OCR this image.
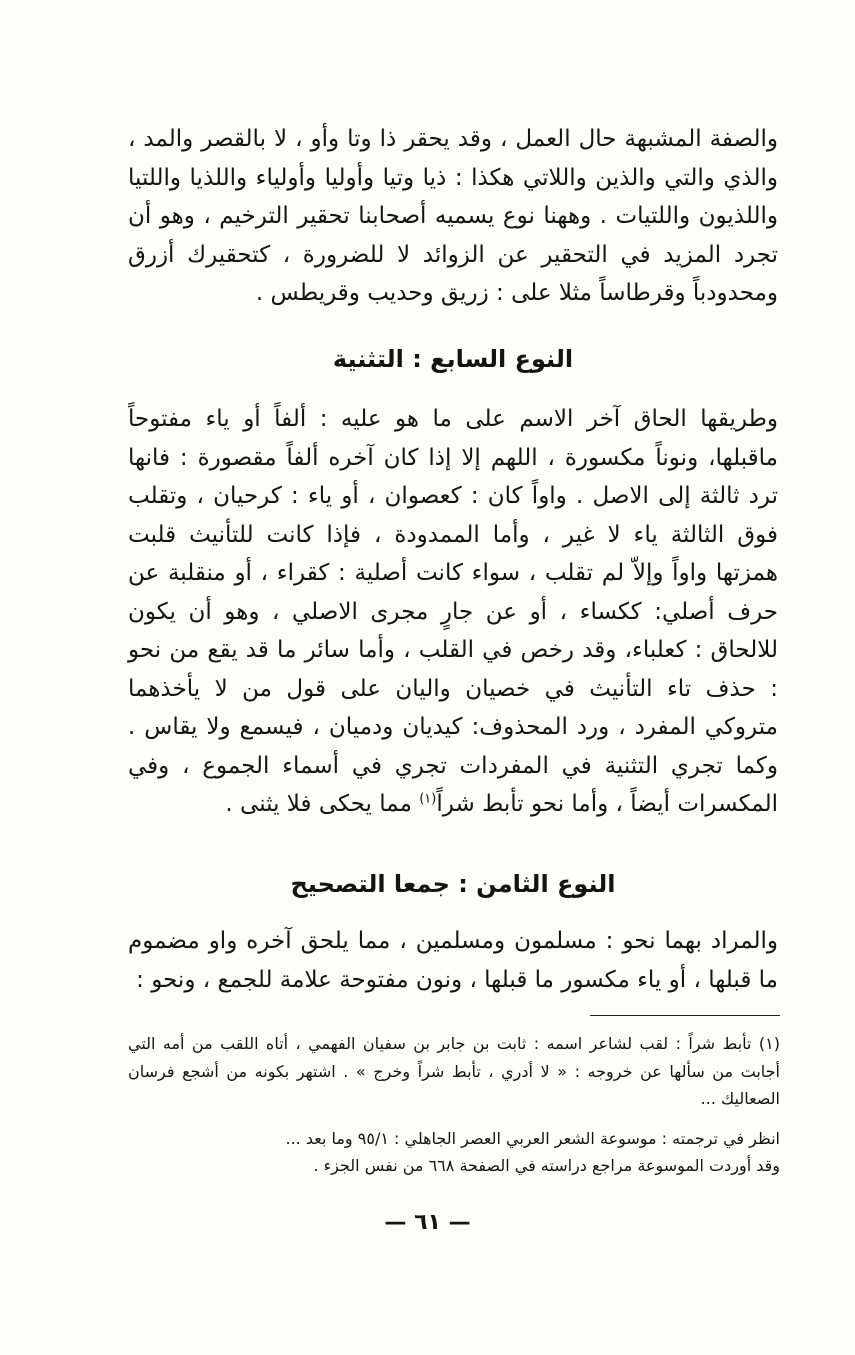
والصفة المشبهة حال العمل ، وقد يحقر ذا وتا وأو ، لا بالقصر والمد ، والذي والتي والذين واللاتي هكذا : ذيا وتيا وأوليا وأولياء واللذيا واللتيا واللذيون واللتيات . وههنا نوع يسميه أصحابنا تحقير الترخيم ، وهو أن تجرد المزيد في التحقير عن الزوائد لا للضرورة ، كتحقيرك أزرق ومحدودباً وقرطاساً مثلا على : زريق وحديب وقريطس .

النوع السابع : التثنية

وطريقها الحاق آخر الاسم على ما هو عليه : ألفاً أو ياء مفتوحاً ماقبلها، ونوناً مكسورة ، اللهم إلا إذا كان آخره ألفاً مقصورة : فانها ترد ثالثة إلى الاصل . واواً كان : كعصوان ، أو ياء : كرحيان ، وتقلب فوق الثالثة ياء لا غير ، وأما الممدودة ، فإذا كانت للتأنيث قلبت همزتها واواً وإلاّ لم تقلب ، سواء كانت أصلية : كقراء ، أو منقلبة عن حرف أصلي: ككساء ، أو عن جارٍ مجرى الاصلي ، وهو أن يكون للالحاق : كعلباء، وقد رخص في القلب ، وأما سائر ما قد يقع من نحو : حذف تاء التأنيث في خصيان واليان على قول من لا يأخذهما متروكي المفرد ، ورد المحذوف: كيديان ودميان ، فيسمع ولا يقاس . وكما تجري التثنية في المفردات تجري في أسماء الجموع ، وفي المكسرات أيضاً ، وأما نحو تأبط شراً$^{(١)}$ مما يحكى فلا يثنى .

النوع الثامن : جمعا التصحيح

والمراد بهما نحو : مسلمون ومسلمين ، مما يلحق آخره واو مضموم ما قبلها ، أو ياء مكسور ما قبلها ، ونون مفتوحة علامة للجمع ، ونحو :

(١) تأبط شراً : لقب لشاعر اسمه : ثابت بن جابر بن سفيان الفهمي ، أتاه اللقب من أمه التي أجابت من سألها عن خروجه : « لا أدري ، تأبط شراً وخرج » . اشتهر بكونه من أشجع فرسان الصعاليك ...

انظر في ترجمته : موسوعة الشعر العربي العصر الجاهلي : ٩٥/١ وما بعد ...

وقد أوردت الموسوعة مراجع دراسته في الصفحة ٦٦٨ من نفس الجزء .

— ٦١ —
